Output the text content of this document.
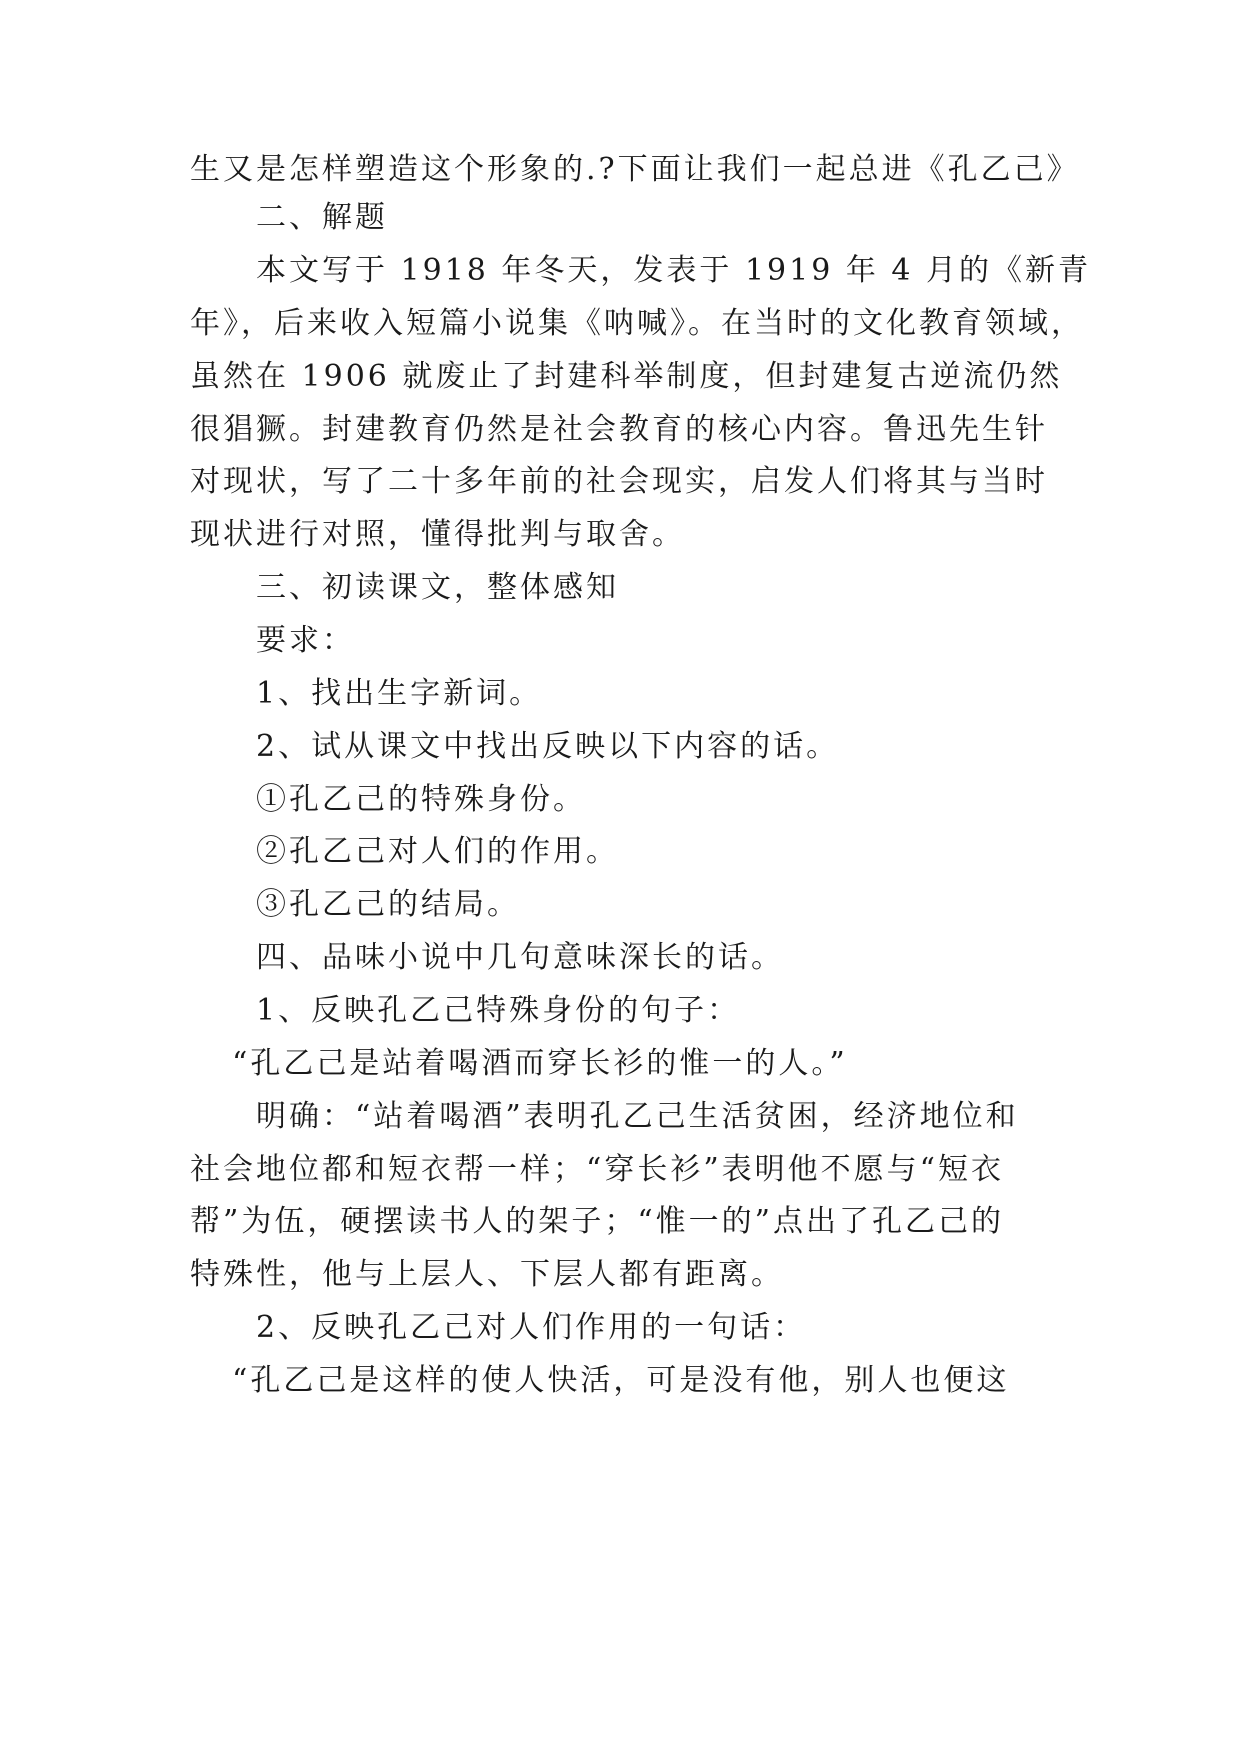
生又是怎样塑造这个形象的.?下面让我们一起总进《孔乙己》
二、解题
本文写于 1918 年冬天，发表于 1919 年 4 月的《新青
年》，后来收入短篇小说集《呐喊》。在当时的文化教育领域，
虽然在 1906 就废止了封建科举制度，但封建复古逆流仍然
很猖獗。封建教育仍然是社会教育的核心内容。鲁迅先生针
对现状，写了二十多年前的社会现实，启发人们将其与当时
现状进行对照，懂得批判与取舍。
三、初读课文，整体感知
要求：
1、找出生字新词。
2、试从课文中找出反映以下内容的话。
①孔乙己的特殊身份。
②孔乙己对人们的作用。
③孔乙己的结局。
四、品味小说中几句意味深长的话。
1、反映孔乙己特殊身份的句子：
“孔乙己是站着喝酒而穿长衫的惟一的人。”
明确：“站着喝酒”表明孔乙己生活贫困，经济地位和
社会地位都和短衣帮一样；“穿长衫”表明他不愿与“短衣
帮”为伍，硬摆读书人的架子；“惟一的”点出了孔乙己的
特殊性，他与上层人、下层人都有距离。
2、反映孔乙己对人们作用的一句话：
“孔乙己是这样的使人快活，可是没有他，别人也便这
